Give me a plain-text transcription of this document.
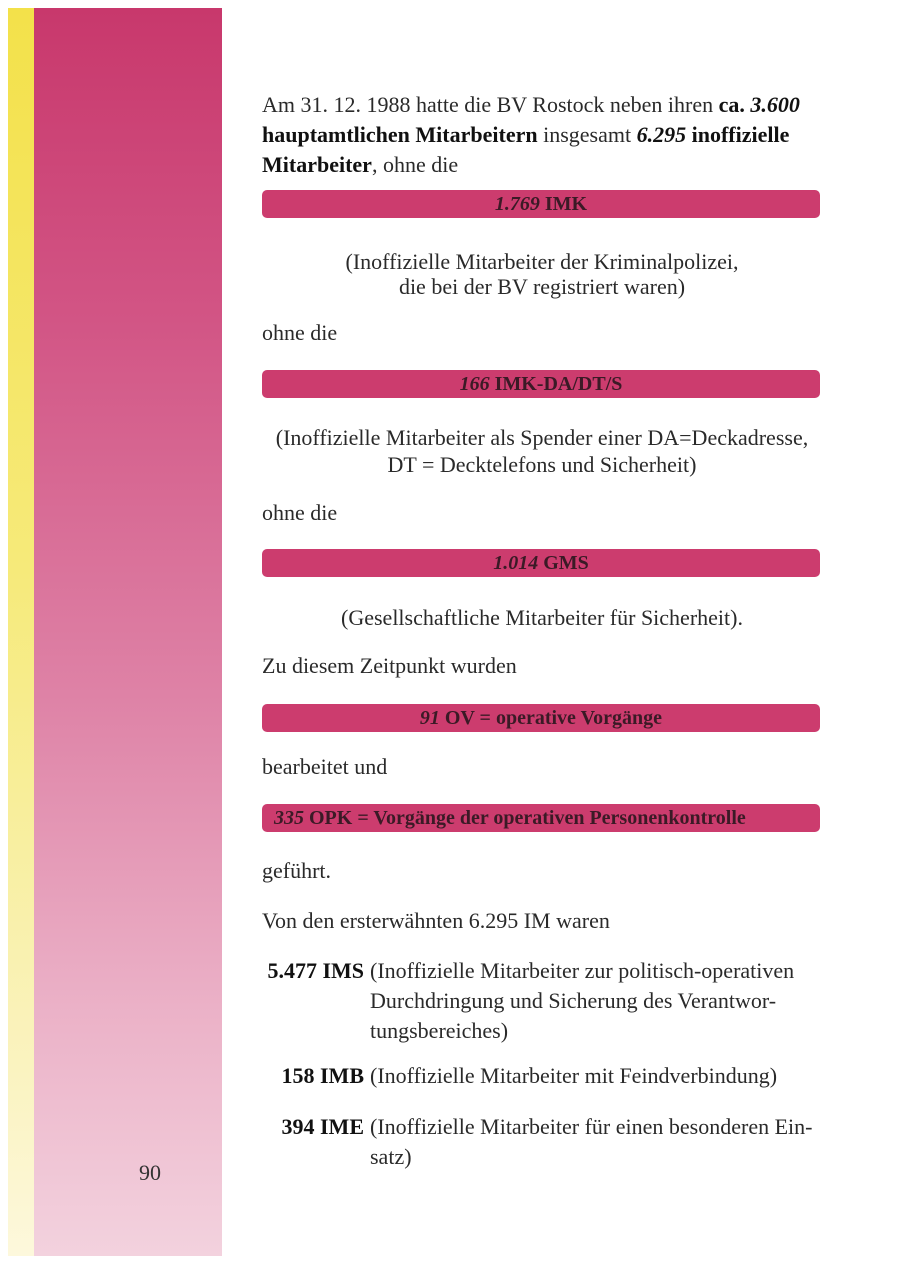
90
Am 31. 12. 1988 hatte die BV Rostock neben ihren ca. 3.600
hauptamtlichen Mitarbeitern insgesamt 6.295 inoffizielle
Mitarbeiter, ohne die
1.769 IMK
(Inoffizielle Mitarbeiter der Kriminalpolizei,
die bei der BV registriert waren)
ohne die
166 IMK-DA/DT/S
(Inoffizielle Mitarbeiter als Spender einer DA=Deckadresse,
DT = Decktelefons und Sicherheit)
ohne die
1.014 GMS
(Gesellschaftliche Mitarbeiter für Sicherheit).
Zu diesem Zeitpunkt wurden
91 OV = operative Vorgänge
bearbeitet und
335 OPK = Vorgänge der operativen Personenkontrolle
geführt.
Von den ersterwähnten 6.295 IM waren
5.477 IMS (Inoffizielle Mitarbeiter zur politisch-operativen
Durchdringung und Sicherung des Verantwor-
tungsbereiches)
158 IMB (Inoffizielle Mitarbeiter mit Feindverbindung)
394 IME (Inoffizielle Mitarbeiter für einen besonderen Ein-
satz)
